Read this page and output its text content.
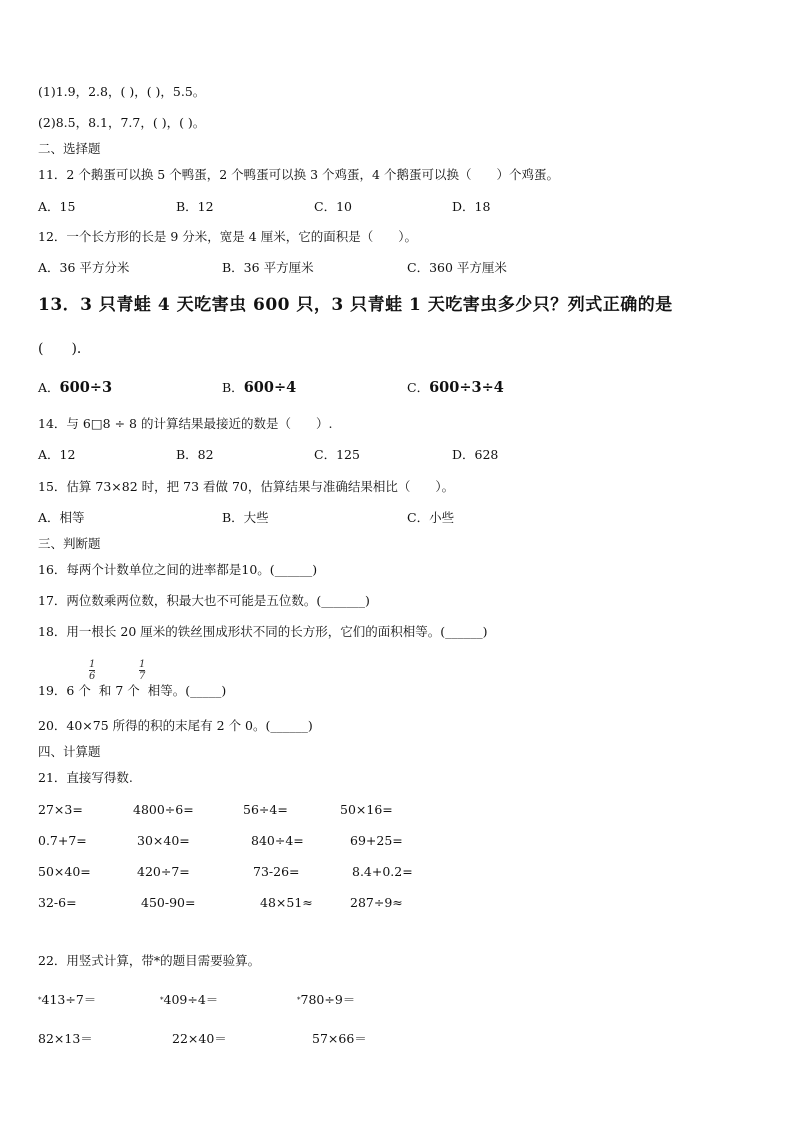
(1)1.9，2.8，( )，( )，5.5。
(2)8.5，8.1，7.7，( )，( )。
二、选择题
11．2 个鹅蛋可以换 5 个鸭蛋，2 个鸭蛋可以换 3 个鸡蛋，4 个鹅蛋可以换（　　）个鸡蛋。
A．15	B．12	C．10	D．18
12．一个长方形的长是 9 分米，宽是 4 厘米，它的面积是（　　）。
A．36 平方分米	B．36 平方厘米	C．360 平方厘米
13．3 只青蛙 4 天吃害虫 600 只，3 只青蛙 1 天吃害虫多少只？列式正确的是
(　　)．
A．600÷3	B．600÷4	C．600÷3÷4
14．与 6□8 ÷ 8 的计算结果最接近的数是（　　）.
A．12	B．82	C．125	D．628
15．估算 73×82 时，把 73 看做 70，估算结果与准确结果相比（　　）。
A．相等	B．大些	C．小些
三、判断题
16．每两个计数单位之间的进率都是10。(______)
17．两位数乘两位数，积最大也不可能是五位数。(_______)
18．用一根长 20 厘米的铁丝围成形状不同的长方形，它们的面积相等。(______)
19．6 个 和 7 个 相等。(_____)
1
6
1
7
20．40×75 所得的积的末尾有 2 个 0。(______)
四、计算题
21．直接写得数.
27×3=	4800÷6=	56÷4=	50×16=
0.7+7=	30×40=	840÷4=	69+25=
50×40=	420÷7=	73-26=	8.4+0.2=
32-6=	450-90=	48×51≈	287÷9≈
22．用竖式计算，带*的题目需要验算。
*413÷7＝	*409÷4＝	*780÷9＝
82×13＝	22×40＝	57×66＝
